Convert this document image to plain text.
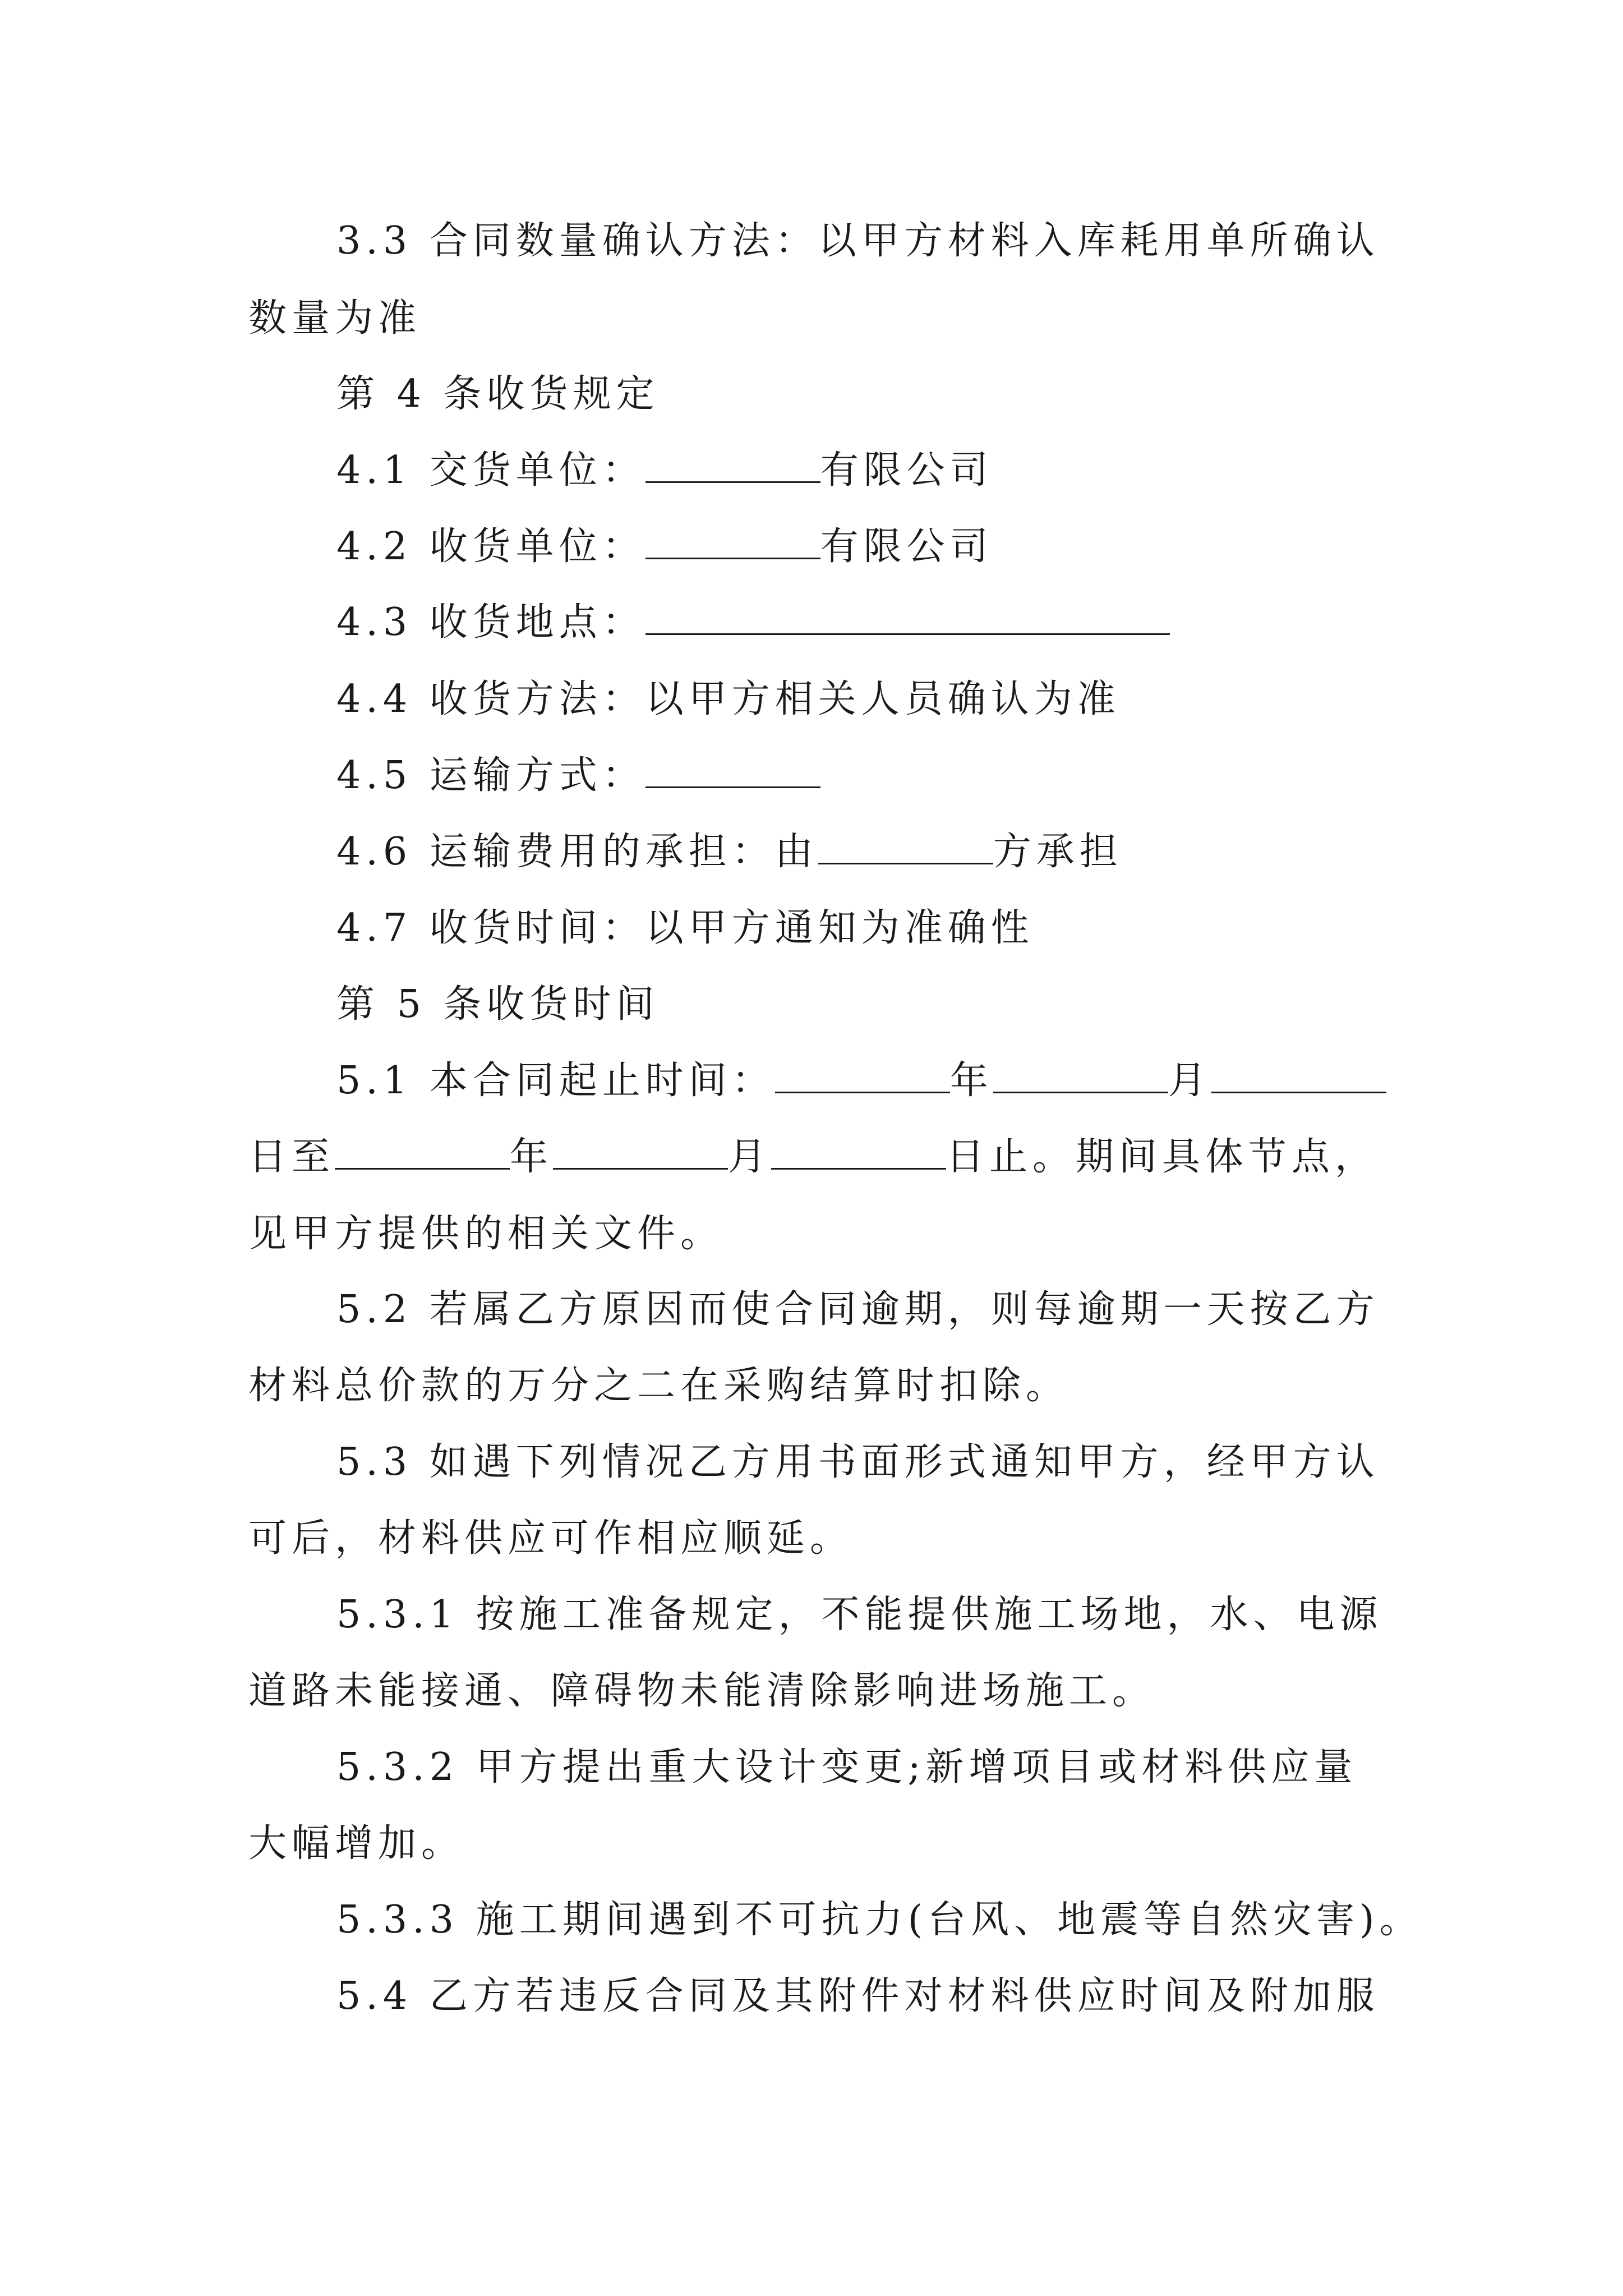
3.3 合同数量确认方法：以甲方材料入库耗用单所确认
数量为准
第 4 条收货规定
4.1 交货单位：	有限公司
4.2 收货单位：	有限公司
4.3 收货地点：
4.4 收货方法：以甲方相关人员确认为准
4.5 运输方式：
4.6 运输费用的承担：由	方承担
4.7 收货时间：以甲方通知为准确性
第 5 条收货时间
5.1 本合同起止时间：	年	月
日至	年	月	日止。期间具体节点，
见甲方提供的相关文件。
5.2 若属乙方原因而使合同逾期，则每逾期一天按乙方
材料总价款的万分之二在采购结算时扣除。
5.3 如遇下列情况乙方用书面形式通知甲方，经甲方认
可后，材料供应可作相应顺延。
5.3.1 按施工准备规定，不能提供施工场地，水、电源
道路未能接通、障碍物未能清除影响进场施工。
5.3.2 甲方提出重大设计变更;新增项目或材料供应量
大幅增加。
5.3.3 施工期间遇到不可抗力(台风、地震等自然灾害)。
5.4 乙方若违反合同及其附件对材料供应时间及附加服
